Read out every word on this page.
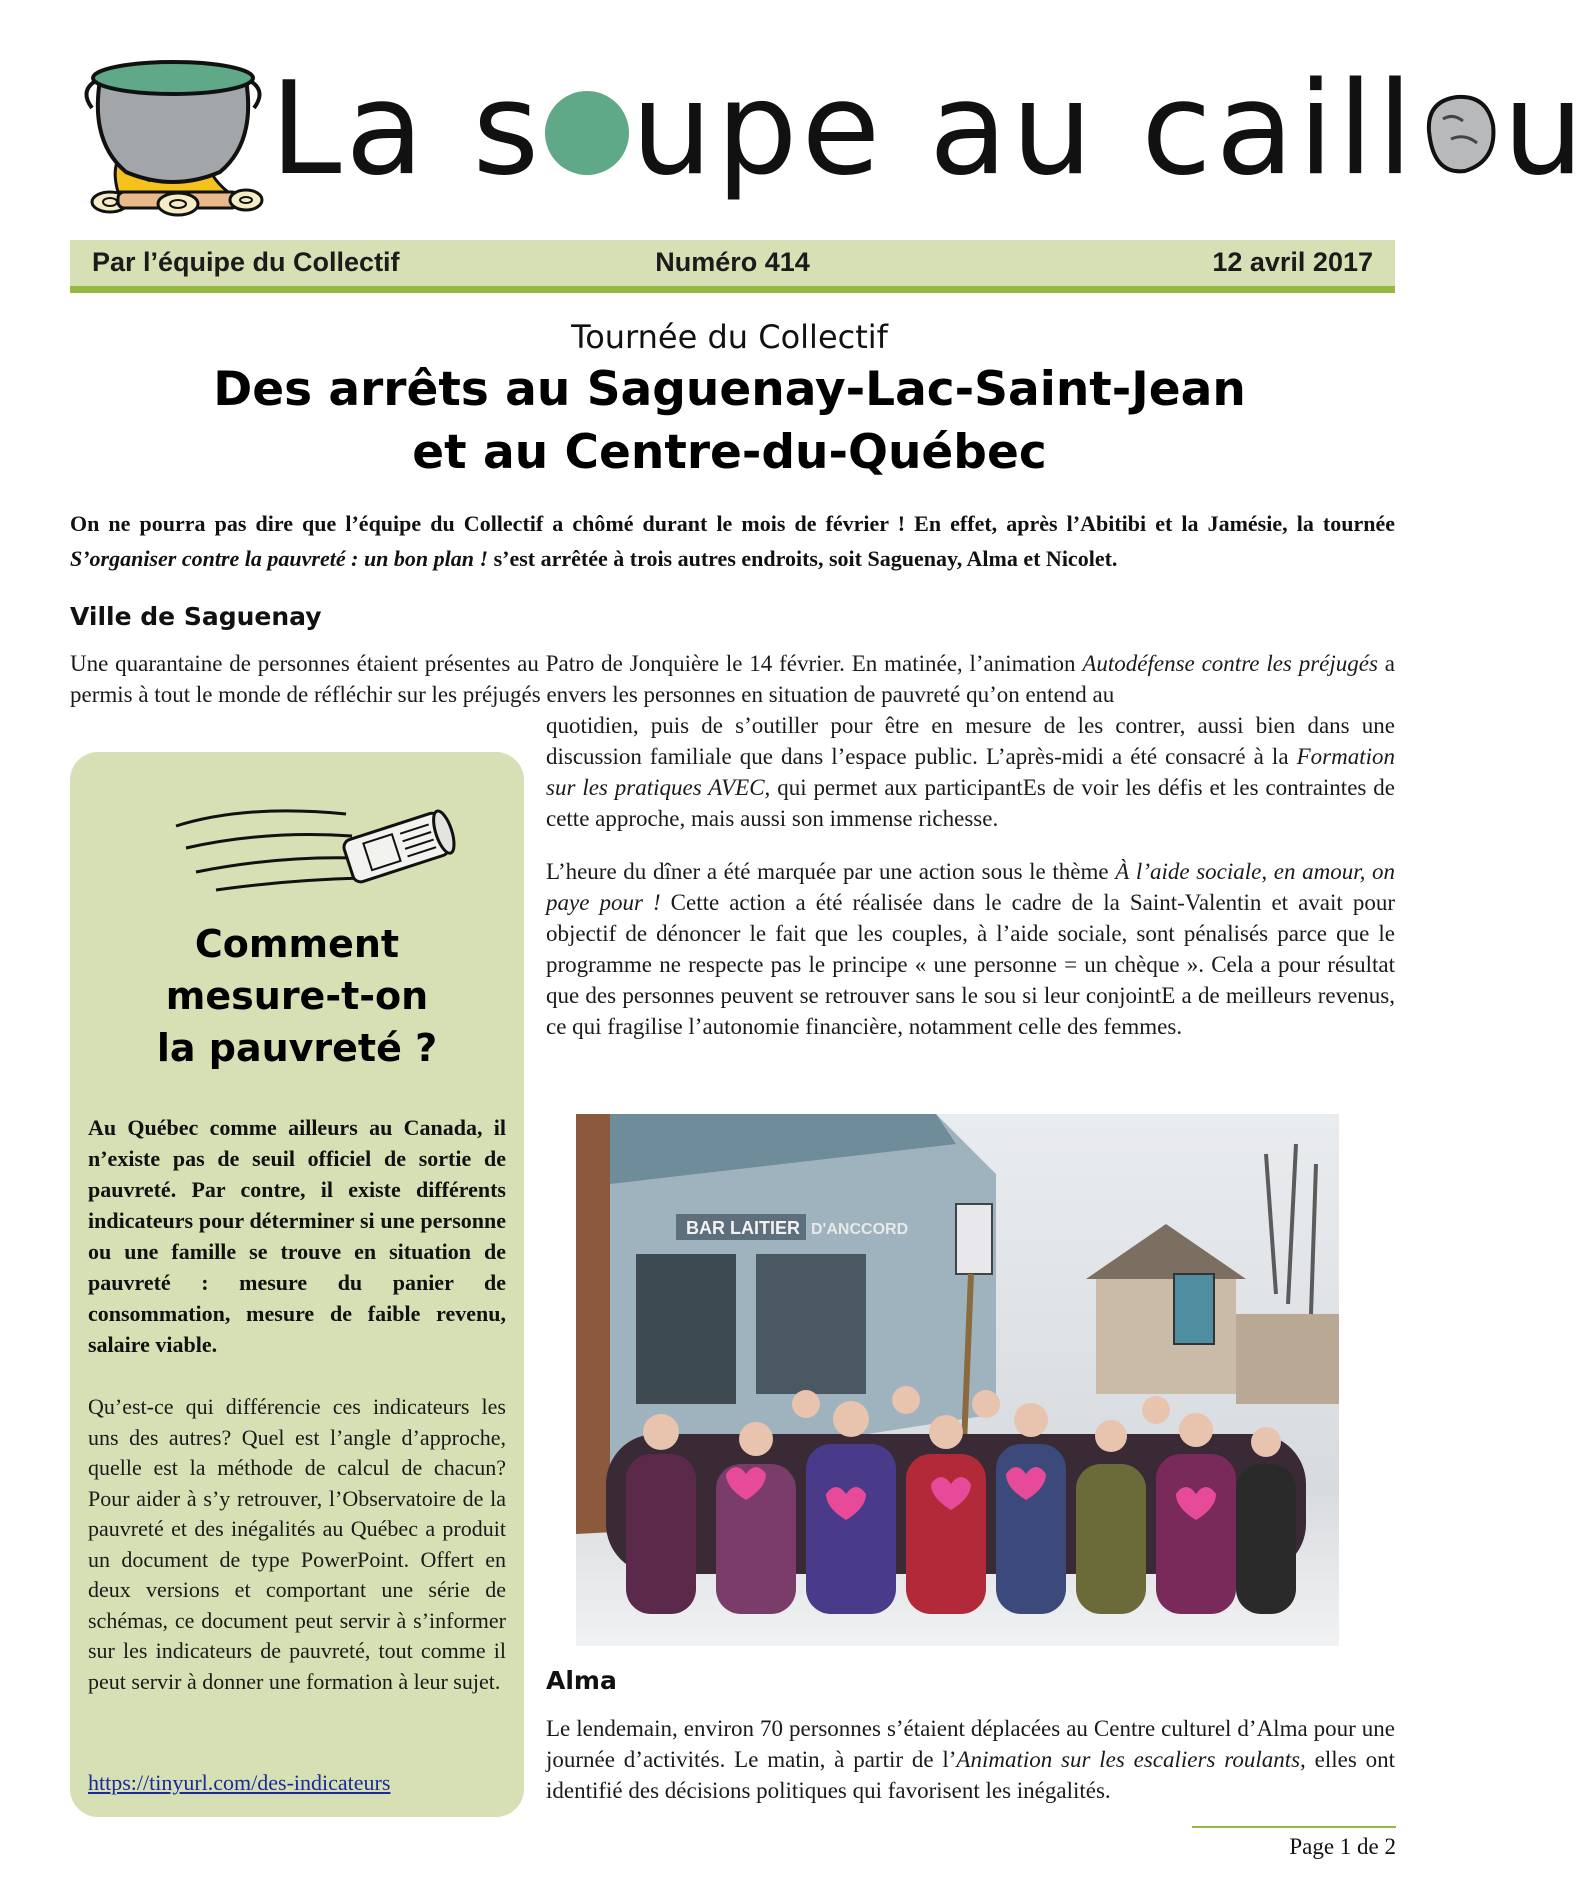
La s upe au caill u
Numéro 414
Par l’équipe du Collectif	12 avril 2017
Tournée du Collectif
Des arrêts au Saguenay-Lac-Saint-Jean
et au Centre-du-Québec

On ne pourra pas dire que l’équipe du Collectif a chômé durant le mois de février ! En effet, après l’Abitibi et la Jamésie, la tournée S’organiser contre la pauvreté : un bon plan ! s’est arrêtée à trois autres endroits, soit Saguenay, Alma et Nicolet.

Ville de Saguenay

Une quarantaine de personnes étaient présentes au Patro de Jonquière le 14 février. En matinée, l’animation Autodéfense contre les préjugés a permis à tout le monde de réfléchir sur les préjugés envers les personnes en situation de pauvreté qu’on entend au

quotidien, puis de s’outiller pour être en mesure de les contrer, aussi bien dans une discussion familiale que dans l’espace public. L’après-midi a été consacré à la Formation sur les pratiques AVEC, qui permet aux participantEs de voir les défis et les contraintes de cette approche, mais aussi son immense richesse.

L’heure du dîner a été marquée par une action sous le thème À l’aide sociale, en amour, on paye pour ! Cette action a été réalisée dans le cadre de la Saint-Valentin et avait pour objectif de dénoncer le fait que les couples, à l’aide sociale, sont pénalisés parce que le programme ne respecte pas le principe « une personne = un chèque ». Cela a pour résultat que des personnes peuvent se retrouver sans le sou si leur conjointE a de meilleurs revenus, ce qui fragilise l’autonomie financière, notamment celle des femmes.

Comment
mesure-t-on
la pauvreté ?

Au Québec comme ailleurs au Canada, il n’existe pas de seuil officiel de sortie de pauvreté. Par contre, il existe différents indicateurs pour déterminer si une personne ou une famille se trouve en situation de pauvreté : mesure du panier de consommation, mesure de faible revenu, salaire viable.

Qu’est-ce qui différencie ces indicateurs les uns des autres? Quel est l’angle d’approche, quelle est la méthode de calcul de chacun? Pour aider à s’y retrouver, l’Observatoire de la pauvreté et des inégalités au Québec a produit un document de type PowerPoint. Offert en deux versions et comportant une série de schémas, ce document peut servir à s’informer sur les indicateurs de pauvreté, tout comme il peut servir à donner une formation à leur sujet.

https://tinyurl.com/des-indicateurs
BAR LAITIER D'ANCCORD
Alma

Le lendemain, environ 70 personnes s’étaient déplacées au Centre culturel d’Alma pour une journée d’activités. Le matin, à partir de l’Animation sur les escaliers roulants, elles ont identifié des décisions politiques qui favorisent les inégalités.

Page 1 de 2
